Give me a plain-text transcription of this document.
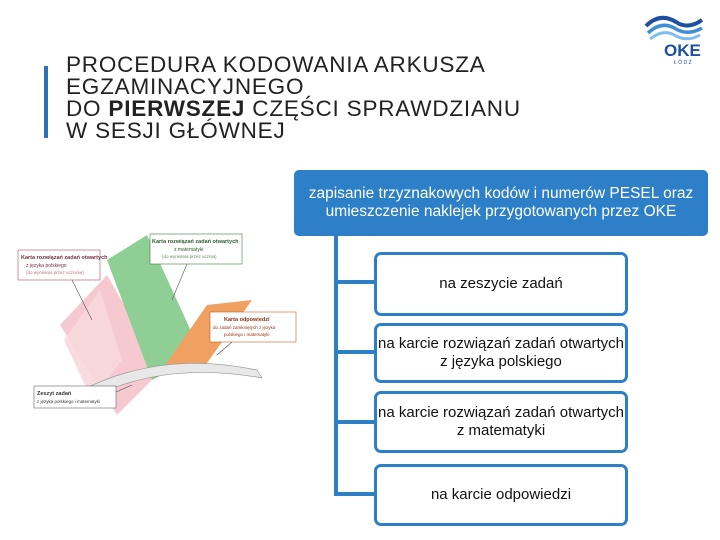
PROCEDURA KODOWANIA ARKUSZA
EGZAMINACYJNEGO
DO PIERWSZEJ CZĘŚCI SPRAWDZIANU
W SESJI GŁÓWNEJ
OKE
Ł Ó D Ź
Karta rozwiązań zadań otwartych
z języka polskiego
(do wyrwania przez uczniów)
Karta rozwiązań zadań otwartych
z matematyki
(do wyrwania przez ucznia)
Karta odpowiedzi
do zadań zamkniętych z języka
polskiego i matematyki
Zeszyt zadań
z języka polskiego i matematyki
zapisanie trzyznakowych kodów i numerów PESEL oraz umieszczenie naklejek przygotowanych przez OKE
na zeszycie zadań
na karcie rozwiązań zadań otwartych z języka polskiego
na karcie rozwiązań zadań otwartych z matematyki
na karcie odpowiedzi
